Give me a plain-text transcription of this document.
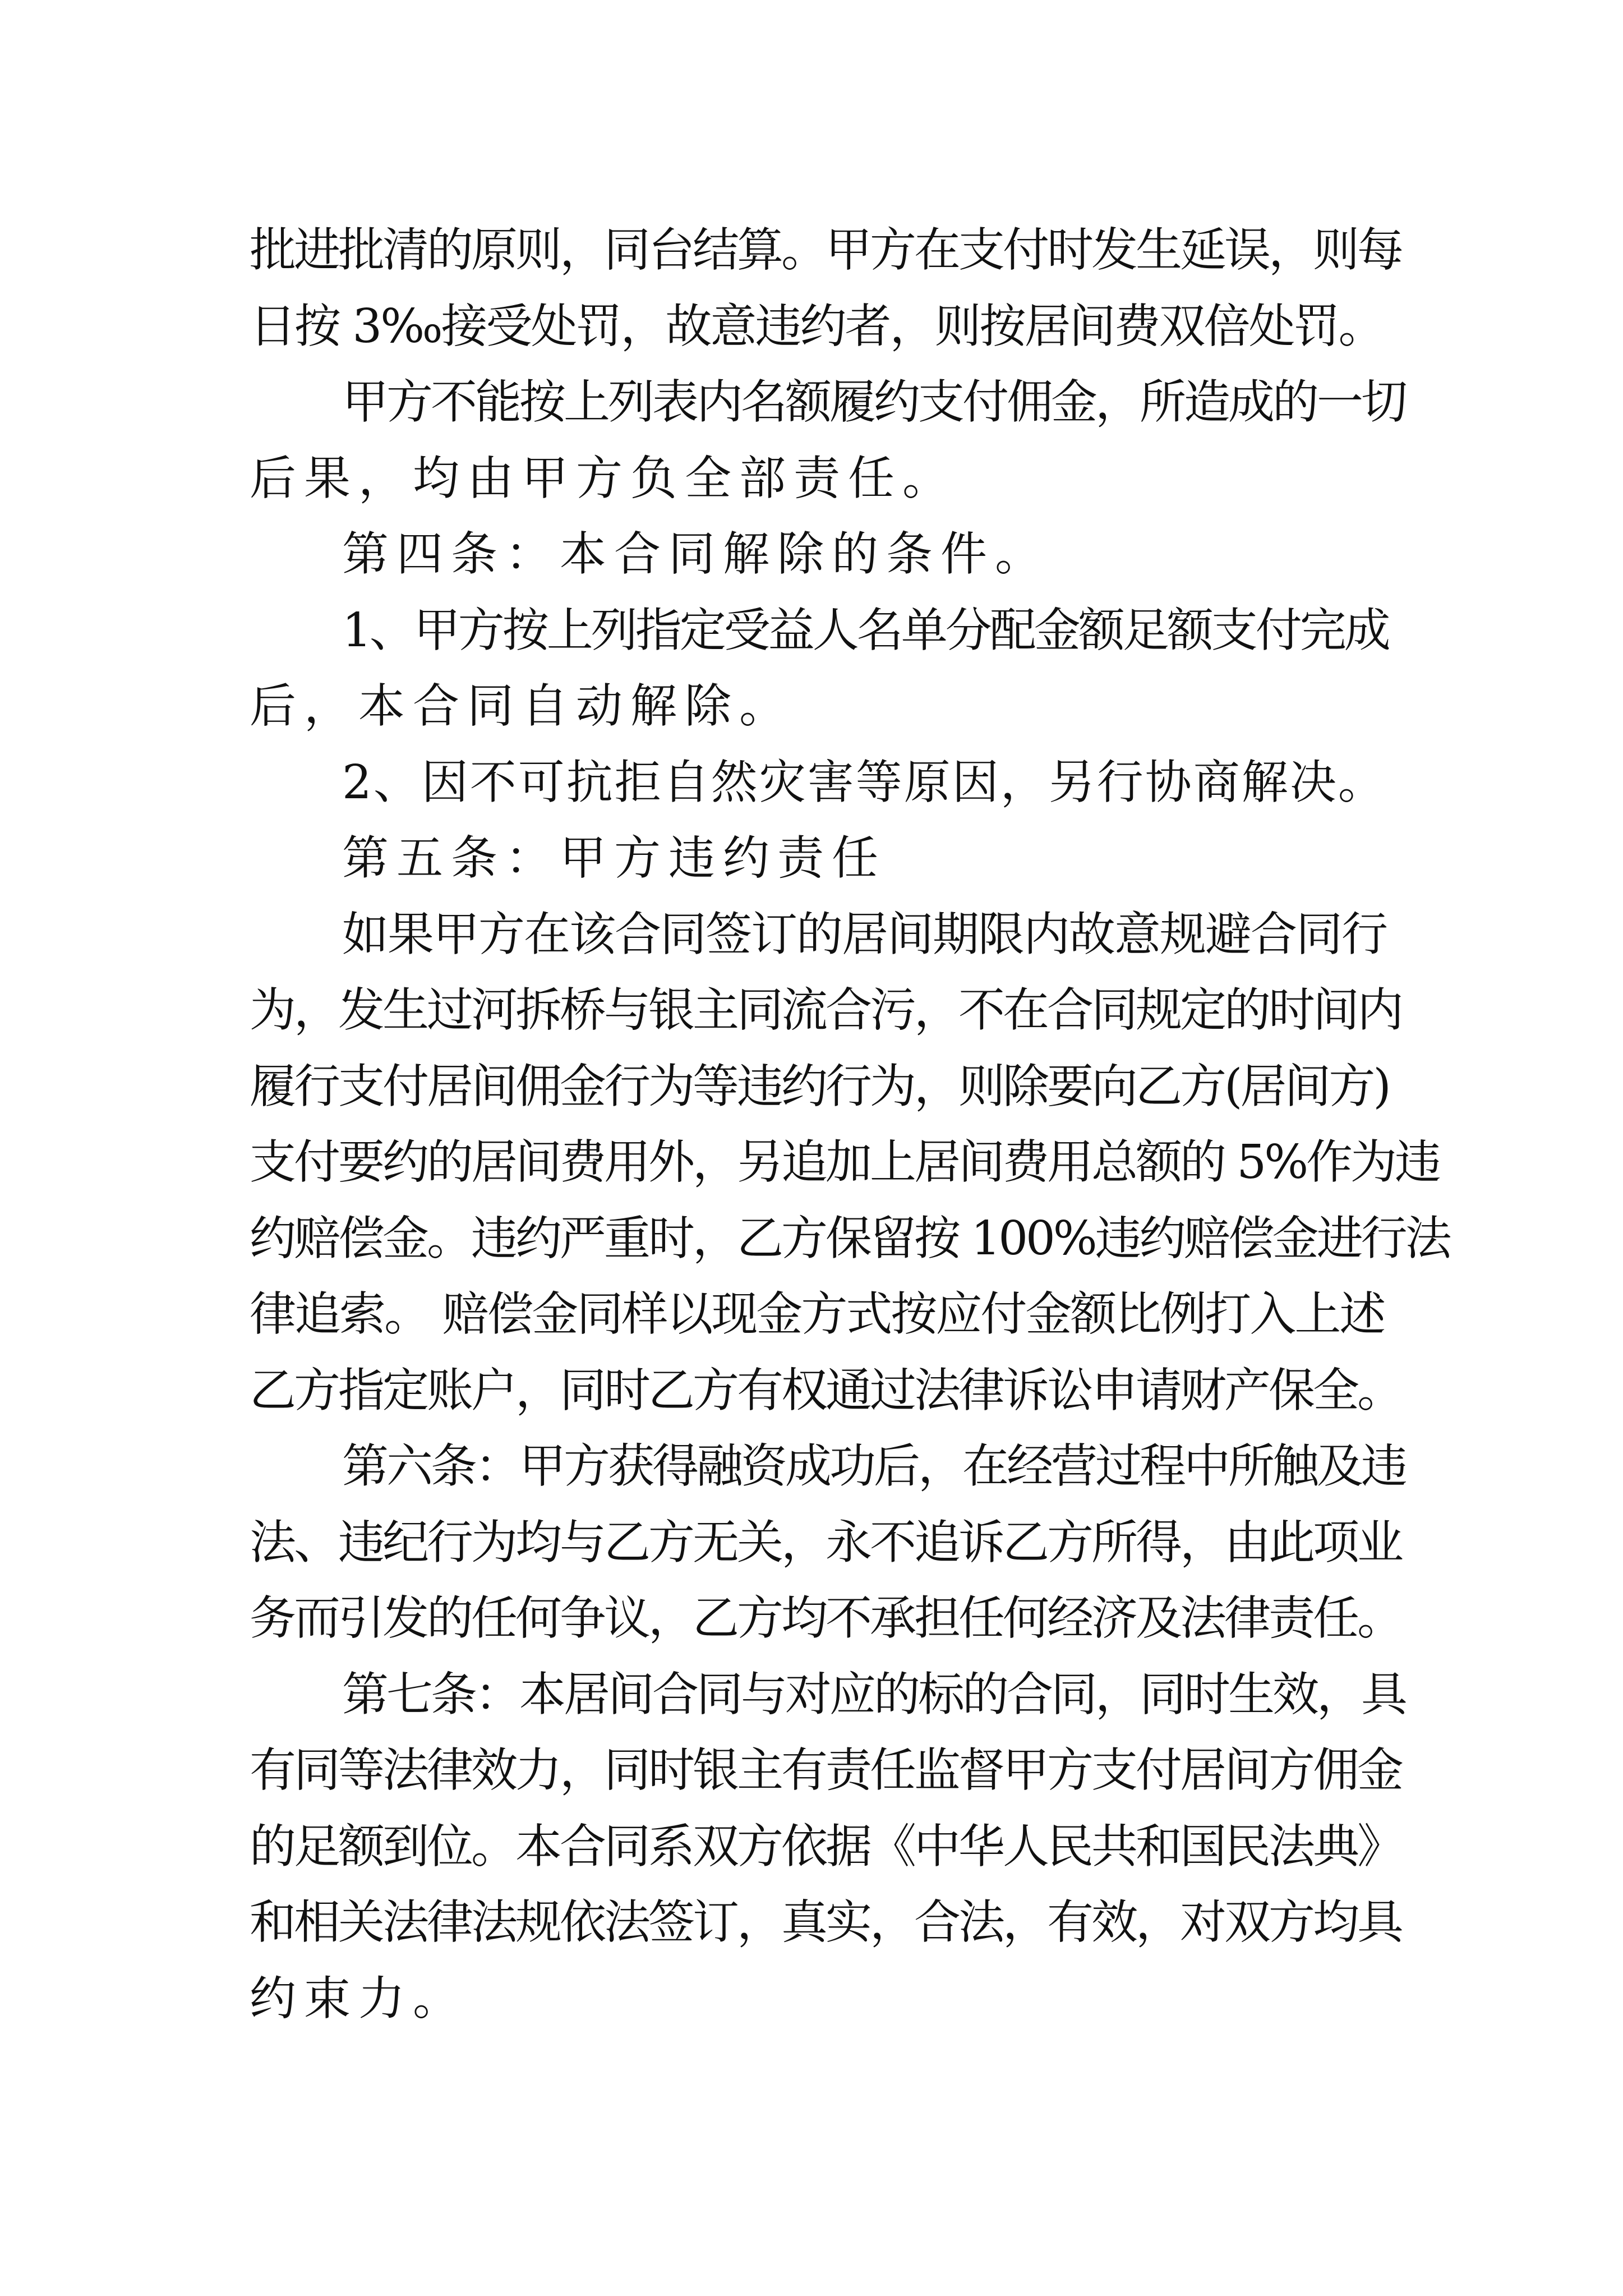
批进批清的原则，同台结算。甲方在支付时发生延误，则每
日按 3‰接受处罚，故意违约者，则按居间费双倍处罚。
甲方不能按上列表内名额履约支付佣金，所造成的一切
后果，均由甲方负全部责任。
第四条：本合同解除的条件。
1、甲方按上列指定受益人名单分配金额足额支付完成
后，本合同自动解除。
2、因不可抗拒自然灾害等原因，另行协商解决。
第五条：甲方违约责任
如果甲方在该合同签订的居间期限内故意规避合同行
为，发生过河拆桥与银主同流合污，不在合同规定的时间内
履行支付居间佣金行为等违约行为，则除要向乙方(居间方)
支付要约的居间费用外，另追加上居间费用总额的 5%作为违
约赔偿金。违约严重时，乙方保留按 100%违约赔偿金进行法
律追索。 赔偿金同样以现金方式按应付金额比例打入上述
乙方指定账户，同时乙方有权通过法律诉讼申请财产保全。
第六条：甲方获得融资成功后，在经营过程中所触及违
法、违纪行为均与乙方无关，永不追诉乙方所得，由此项业
务而引发的任何争议，乙方均不承担任何经济及法律责任。
第七条：本居间合同与对应的标的合同，同时生效，具
有同等法律效力，同时银主有责任监督甲方支付居间方佣金
的足额到位。本合同系双方依据《中华人民共和国民法典》
和相关法律法规依法签订，真实，合法，有效，对双方均具
约束力。
